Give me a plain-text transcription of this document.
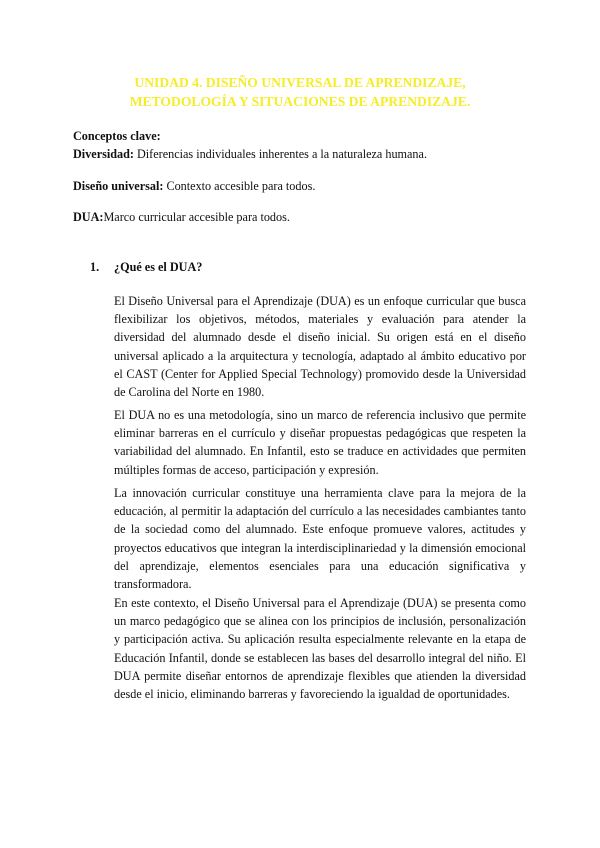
UNIDAD 4. DISEÑO UNIVERSAL DE APRENDIZAJE,
METODOLOGÍA Y SITUACIONES DE APRENDIZAJE.
Conceptos clave:
Diversidad: Diferencias individuales inherentes a la naturaleza humana.
Diseño universal: Contexto accesible para todos.
DUA:Marco curricular accesible para todos.
1. ¿Qué es el DUA?

El Diseño Universal para el Aprendizaje (DUA) es un enfoque curricular que busca flexibilizar los objetivos, métodos, materiales y evaluación para atender la diversidad del alumnado desde el diseño inicial. Su origen está en el diseño universal aplicado a la arquitectura y tecnología, adaptado al ámbito educativo por el CAST (Center for Applied Special Technology) promovido desde la Universidad de Carolina del Norte en 1980.

El DUA no es una metodología, sino un marco de referencia inclusivo que permite eliminar barreras en el currículo y diseñar propuestas pedagógicas que respeten la variabilidad del alumnado. En Infantil, esto se traduce en actividades que permiten múltiples formas de acceso, participación y expresión.

La innovación curricular constituye una herramienta clave para la mejora de la educación, al permitir la adaptación del currículo a las necesidades cambiantes tanto de la sociedad como del alumnado. Este enfoque promueve valores, actitudes y proyectos educativos que integran la interdisciplinariedad y la dimensión emocional del aprendizaje, elementos esenciales para una educación significativa y transformadora.

En este contexto, el Diseño Universal para el Aprendizaje (DUA) se presenta como un marco pedagógico que se alinea con los principios de inclusión, personalización y participación activa. Su aplicación resulta especialmente relevante en la etapa de Educación Infantil, donde se establecen las bases del desarrollo integral del niño. El DUA permite diseñar entornos de aprendizaje flexibles que atienden la diversidad desde el inicio, eliminando barreras y favoreciendo la igualdad de oportunidades.
